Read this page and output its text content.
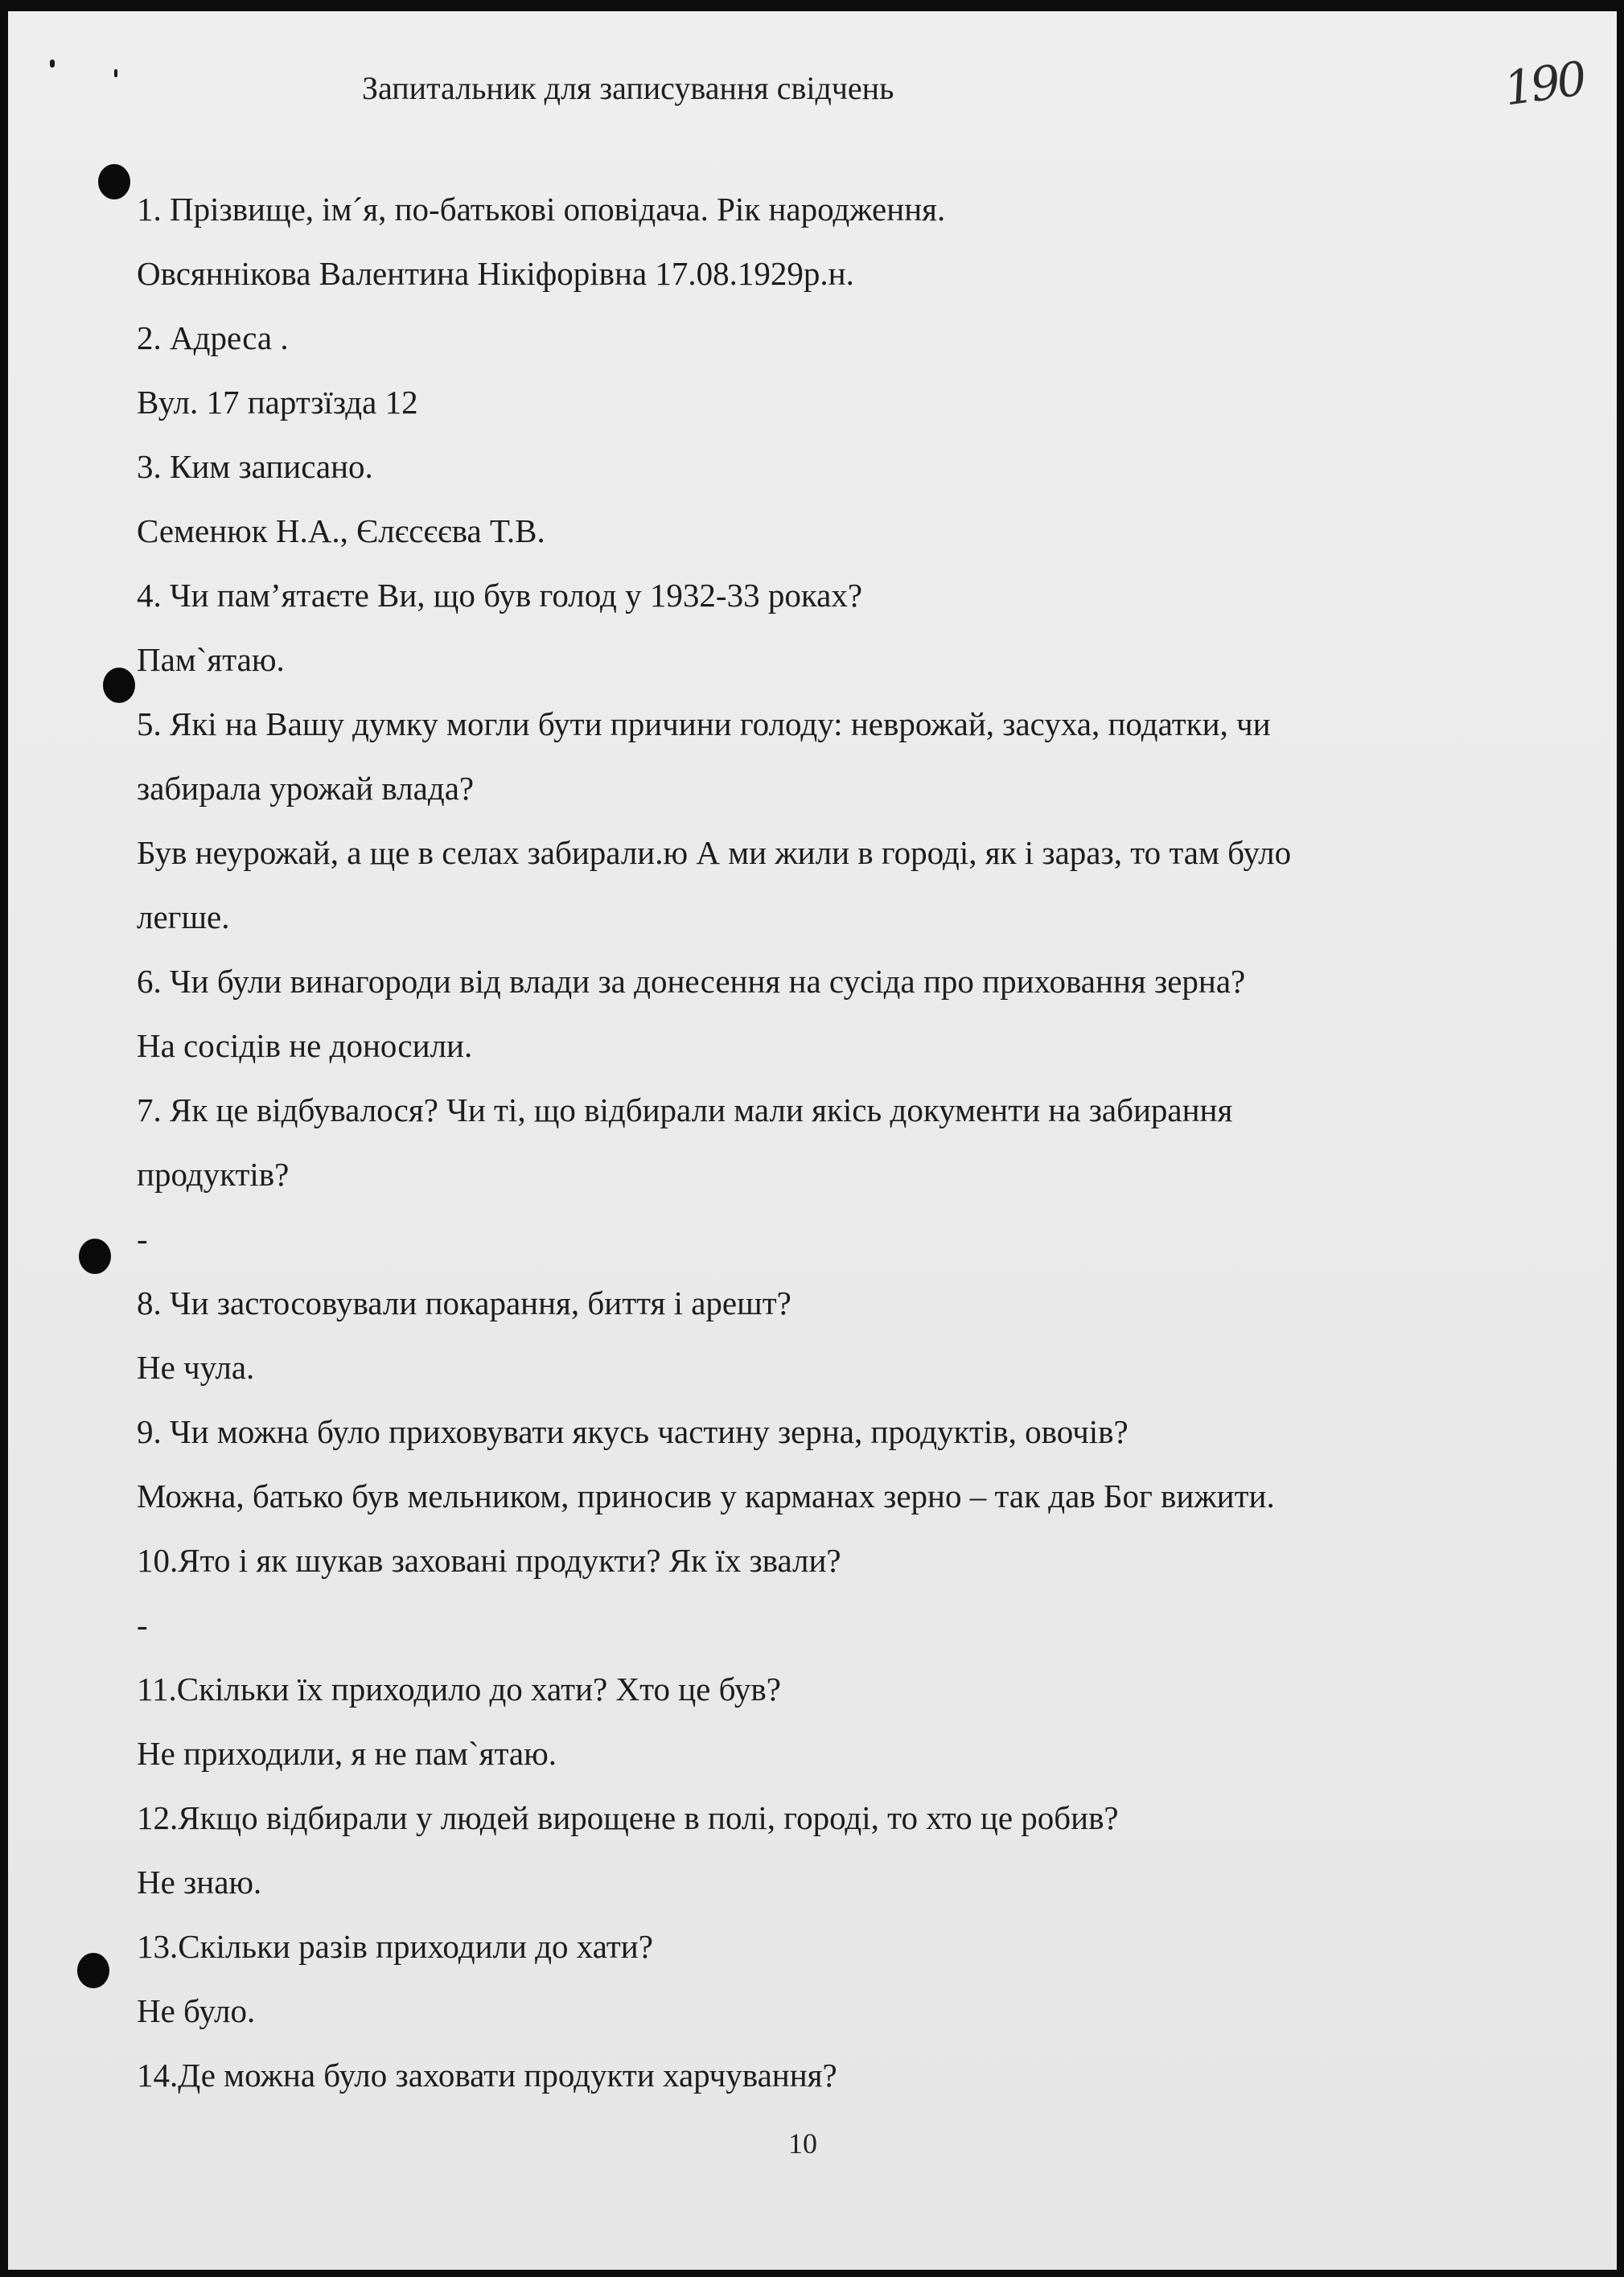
Запитальник для записування свідчень	190
1. Прізвище, ім´я, по-батькові оповідача. Рік народження.
Овсяннікова Валентина Нікіфорівна 17.08.1929р.н.
2. Адреса .
Вул. 17 партзїзда 12
3. Ким записано.
Семенюк Н.А., Єлєсєєва Т.В.
4. Чи пам’ятаєте Ви, що був голод у 1932-33 роках?
Пам`ятаю.
5. Які на Вашу думку могли бути причини голоду: неврожай, засуха, податки, чи
забирала урожай влада?
Був неурожай, а ще в селах забирали.ю А ми жили в городі, як і зараз, то там було
легше.
6. Чи були винагороди від влади за донесення на сусіда про приховання зерна?
На сосідів не доносили.
7. Як це відбувалося? Чи ті, що відбирали мали якісь документи на забирання
продуктів?
-
8. Чи застосовували покарання, биття і арешт?
Не чула.
9. Чи можна було приховувати якусь частину зерна, продуктів, овочів?
Можна, батько був мельником, приносив у карманах зерно – так дав Бог вижити.
10.Ято і як шукав заховані продукти? Як їх звали?
-
11.Скільки їх приходило до хати? Хто це був?
Не приходили, я не пам`ятаю.
12.Якщо відбирали у людей вирощене в полі, городі, то хто це робив?
Не знаю.
13.Скільки разів приходили до хати?
Не було.
14.Де можна було заховати продукти харчування?
10
